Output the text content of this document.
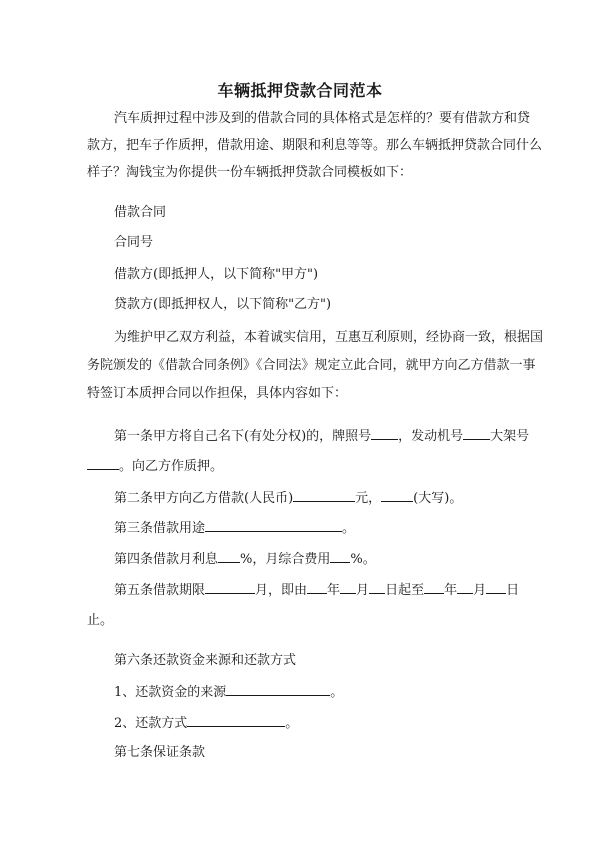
车辆抵押贷款合同范本
汽车质押过程中涉及到的借款合同的具体格式是怎样的？要有借款方和贷
款方，把车子作质押，借款用途、期限和利息等等。那么车辆抵押贷款合同什么
样子？淘钱宝为你提供一份车辆抵押贷款合同模板如下：
借款合同
合同号
借款方(即抵押人，以下简称"甲方")
贷款方(即抵押权人，以下简称"乙方")
为维护甲乙双方利益，本着诚实信用，互惠互利原则，经协商一致，根据国
务院颁发的《借款合同条例》《合同法》规定立此合同，就甲方向乙方借款一事
特签订本质押合同以作担保，具体内容如下：
第一条甲方将自己名下(有处分权)的，牌照号 ，发动机号 大架号
。向乙方作质押。
第二条甲方向乙方借款(人民币)	元， (大写)。
第三条借款用途	。
第四条借款月利息 %，月综合费用 %。
第五条借款期限	月，即由 年 月 日起至 年 月 日
止。
第六条还款资金来源和还款方式
1、还款资金的来源	。
2、还款方式	。
第七条保证条款
